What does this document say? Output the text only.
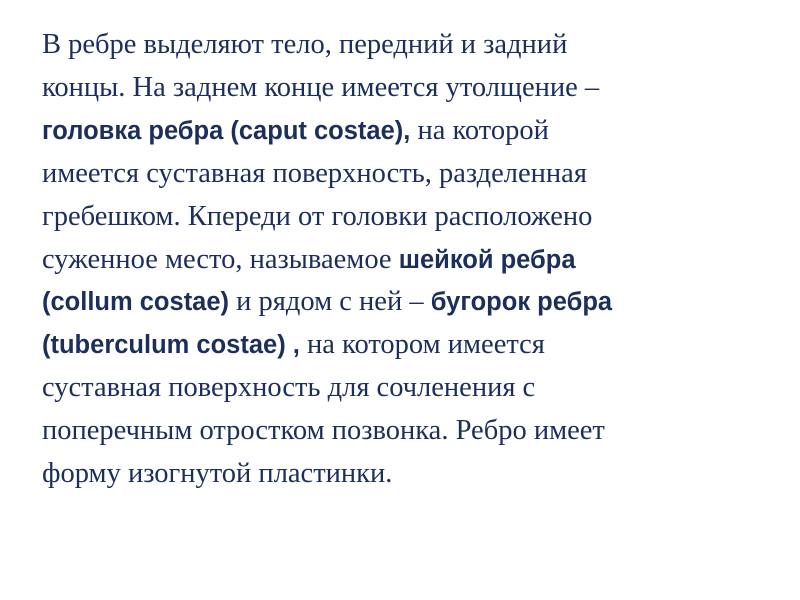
В ребре выделяют тело, передний и задний
концы. На заднем конце имеется утолщение –
головка ребра (caput costae), на которой
имеется суставная поверхность, разделенная
гребешком. Кпереди от головки расположено
суженное место, называемое шейкой ребра
(collum costae) и рядом с ней – бугорок ребра
(tuberculum costae) , на котором имеется
суставная поверхность для сочленения с
поперечным отростком позвонка. Ребро имеет
форму изогнутой пластинки.
